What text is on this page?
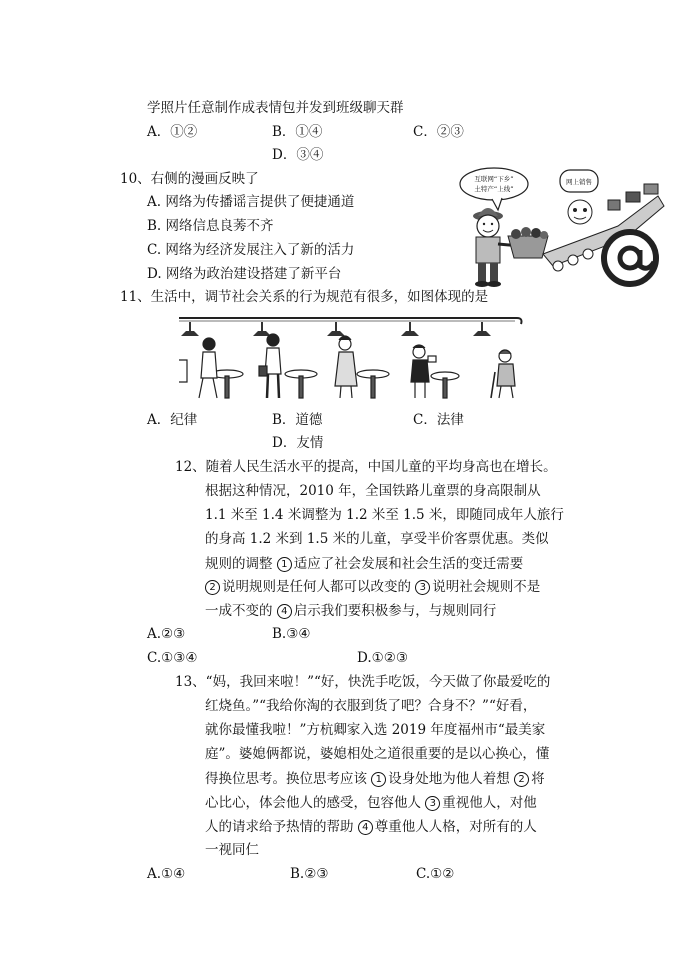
学照片任意制作成表情包并发到班级聊天群
A．①②	B．①④	C．②③
D．③④
10、右侧的漫画反映了
A. 网络为传播谣言提供了便捷通道
B. 网络信息良莠不齐
C. 网络为经济发展注入了新的活力
D. 网络为政治建设搭建了新平台
互联网“下乡”
土特产“上线”
网上销售
11、生活中，调节社会关系的行为规范有很多，如图体现的是
A．纪律	B．道德	C．法律
D．友情
12、随着人民生活水平的提高，中国儿童的平均身高也在增长。
根据这种情况，2010 年，全国铁路儿童票的身高限制从
1.1 米至 1.4 米调整为 1.2 米至 1.5 米，即随同成年人旅行
的身高 1.2 米到 1.5 米的儿童，享受半价客票优惠。类似
规则的调整 1 适应了社会发展和社会生活的变迁需要
2 说明规则是任何人都可以改变的 3 说明社会规则不是
一成不变的 4 启示我们要积极参与，与规则同行
A.②③	B.③④
C.①③④	D.①②③
13、“妈，我回来啦！”“好，快洗手吃饭，今天做了你最爱吃的
红烧鱼。”“我给你淘的衣服到货了吧？合身不？”“好看，
就你最懂我啦！”方杭卿家入选 2019 年度福州市“最美家
庭”。婆媳俩都说，婆媳相处之道很重要的是以心换心，懂
得换位思考。换位思考应该 1 设身处地为他人着想 2 将
心比心，体会他人的感受，包容他人 3 重视他人，对他
人的请求给予热情的帮助 4 尊重他人人格，对所有的人
一视同仁
A.①④	B.②③	C.①②
